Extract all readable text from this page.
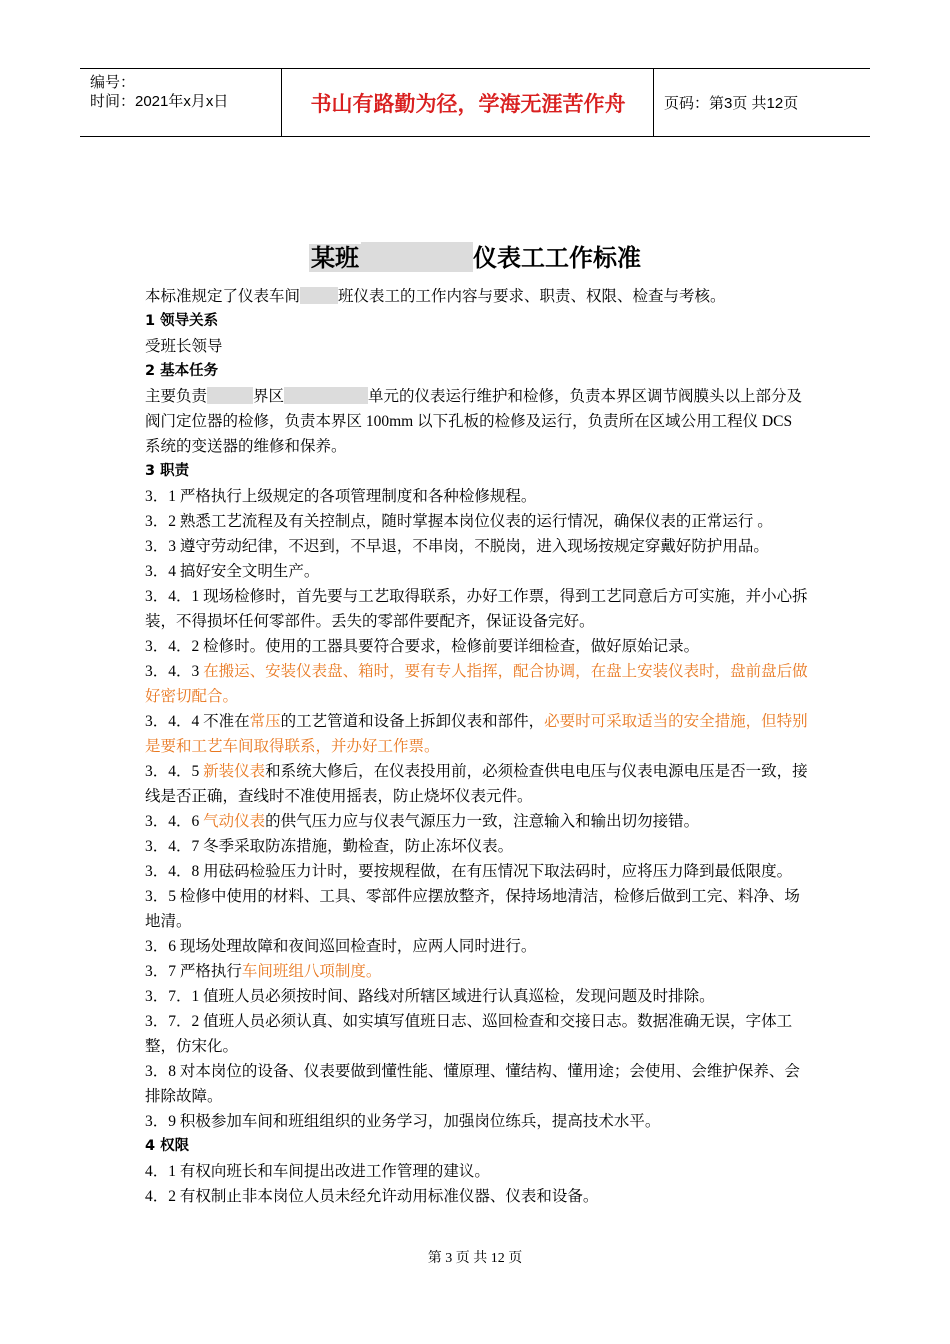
编号：
时间：2021年x月x日	书山有路勤为径，学海无涯苦作舟	页码：第3页 共12页
某班	仪表工工作标准

本标准规定了仪表车间 班仪表工的工作内容与要求、职责、权限、检查与考核。

1 领导关系

受班长领导

2 基本任务

主要负责	界区	单元的仪表运行维护和检修，负责本界区调节阀膜头以上部分及阀门定位器的检修，负责本界区 100mm 以下孔板的检修及运行，负责所在区域公用工程仪 DCS 系统的变送器的维修和保养。

3 职责

3．1 严格执行上级规定的各项管理制度和各种检修规程。

3．2 熟悉工艺流程及有关控制点，随时掌握本岗位仪表的运行情况，确保仪表的正常运行 。

3．3 遵守劳动纪律，不迟到，不早退，不串岗，不脱岗，进入现场按规定穿戴好防护用品。

3．4 搞好安全文明生产。

3．4．1 现场检修时，首先要与工艺取得联系，办好工作票，得到工艺同意后方可实施，并小心拆装，不得损坏任何零部件。丢失的零部件要配齐，保证设备完好。

3．4．2 检修时。使用的工器具要符合要求，检修前要详细检查，做好原始记录。

3．4．3 在搬运、安装仪表盘、箱时，要有专人指挥，配合协调，在盘上安装仪表时，盘前盘后做好密切配合。

3．4．4 不准在常压的工艺管道和设备上拆卸仪表和部件，必要时可采取适当的安全措施，但特别是要和工艺车间取得联系，并办好工作票。

3．4．5 新装仪表和系统大修后，在仪表投用前，必须检查供电电压与仪表电源电压是否一致，接线是否正确，查线时不准使用摇表，防止烧坏仪表元件。

3．4．6 气动仪表的供气压力应与仪表气源压力一致，注意输入和输出切勿接错。

3．4．7 冬季采取防冻措施，勤检查，防止冻坏仪表。

3．4．8 用砝码检验压力计时，要按规程做，在有压情况下取法码时，应将压力降到最低限度。

3．5 检修中使用的材料、工具、零部件应摆放整齐，保持场地清洁，检修后做到工完、料净、场地清。

3．6 现场处理故障和夜间巡回检查时，应两人同时进行。

3．7 严格执行车间班组八项制度。

3．7．1 值班人员必须按时间、路线对所辖区域进行认真巡检，发现问题及时排除。

3．7．2 值班人员必须认真、如实填写值班日志、巡回检查和交接日志。数据准确无误，字体工整，仿宋化。

3．8 对本岗位的设备、仪表要做到懂性能、懂原理、懂结构、懂用途；会使用、会维护保养、会排除故障。

3．9 积极参加车间和班组组织的业务学习，加强岗位练兵，提高技术水平。

4 权限

4．1 有权向班长和车间提出改进工作管理的建议。

4．2 有权制止非本岗位人员未经允许动用标准仪器、仪表和设备。

第 3 页 共 12 页
